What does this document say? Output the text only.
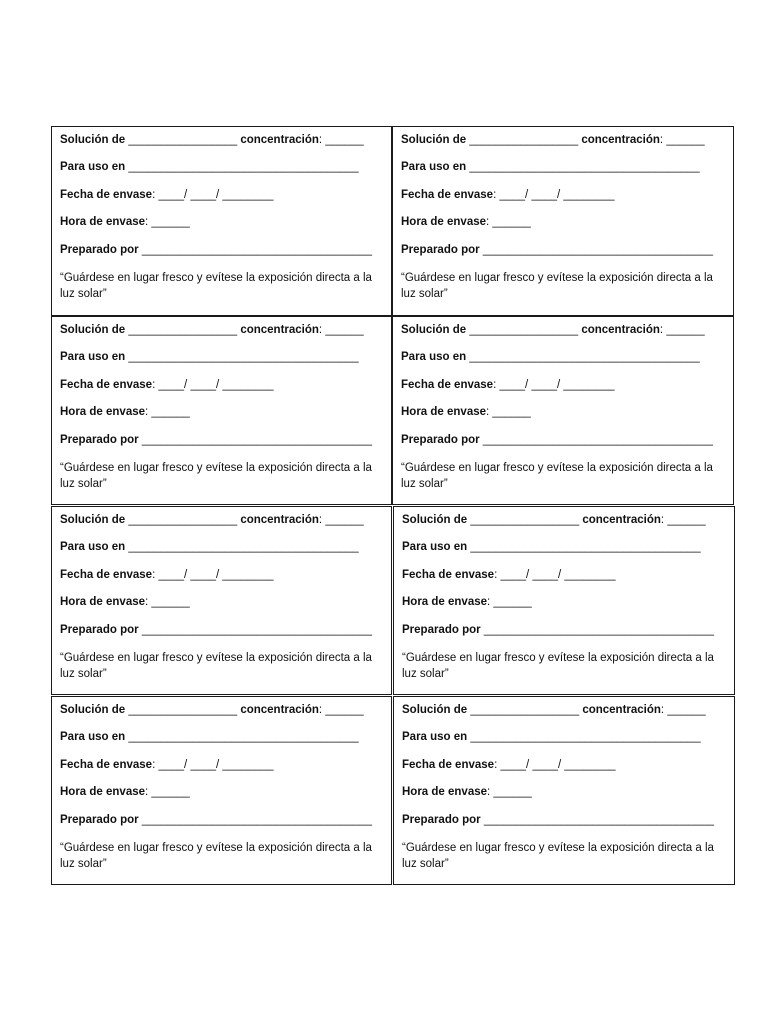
Solución de _________________ concentración: ______
Para uso en ____________________________________
Fecha de envase: ____/ ____/ ________
Hora de envase: ______
Preparado por ____________________________________
“Guárdese en lugar fresco y evítese la exposición directa a la luz solar”
Solución de _________________ concentración: ______
Para uso en ____________________________________
Fecha de envase: ____/ ____/ ________
Hora de envase: ______
Preparado por ____________________________________
“Guárdese en lugar fresco y evítese la exposición directa a la luz solar”
Solución de _________________ concentración: ______
Para uso en ____________________________________
Fecha de envase: ____/ ____/ ________
Hora de envase: ______
Preparado por ____________________________________
“Guárdese en lugar fresco y evítese la exposición directa a la luz solar”
Solución de _________________ concentración: ______
Para uso en ____________________________________
Fecha de envase: ____/ ____/ ________
Hora de envase: ______
Preparado por ____________________________________
“Guárdese en lugar fresco y evítese la exposición directa a la luz solar”
Solución de _________________ concentración: ______
Para uso en ____________________________________
Fecha de envase: ____/ ____/ ________
Hora de envase: ______
Preparado por ____________________________________
“Guárdese en lugar fresco y evítese la exposición directa a la luz solar”
Solución de _________________ concentración: ______
Para uso en ____________________________________
Fecha de envase: ____/ ____/ ________
Hora de envase: ______
Preparado por ____________________________________
“Guárdese en lugar fresco y evítese la exposición directa a la luz solar”
Solución de _________________ concentración: ______
Para uso en ____________________________________
Fecha de envase: ____/ ____/ ________
Hora de envase: ______
Preparado por ____________________________________
“Guárdese en lugar fresco y evítese la exposición directa a la luz solar”
Solución de _________________ concentración: ______
Para uso en ____________________________________
Fecha de envase: ____/ ____/ ________
Hora de envase: ______
Preparado por ____________________________________
“Guárdese en lugar fresco y evítese la exposición directa a la luz solar”
